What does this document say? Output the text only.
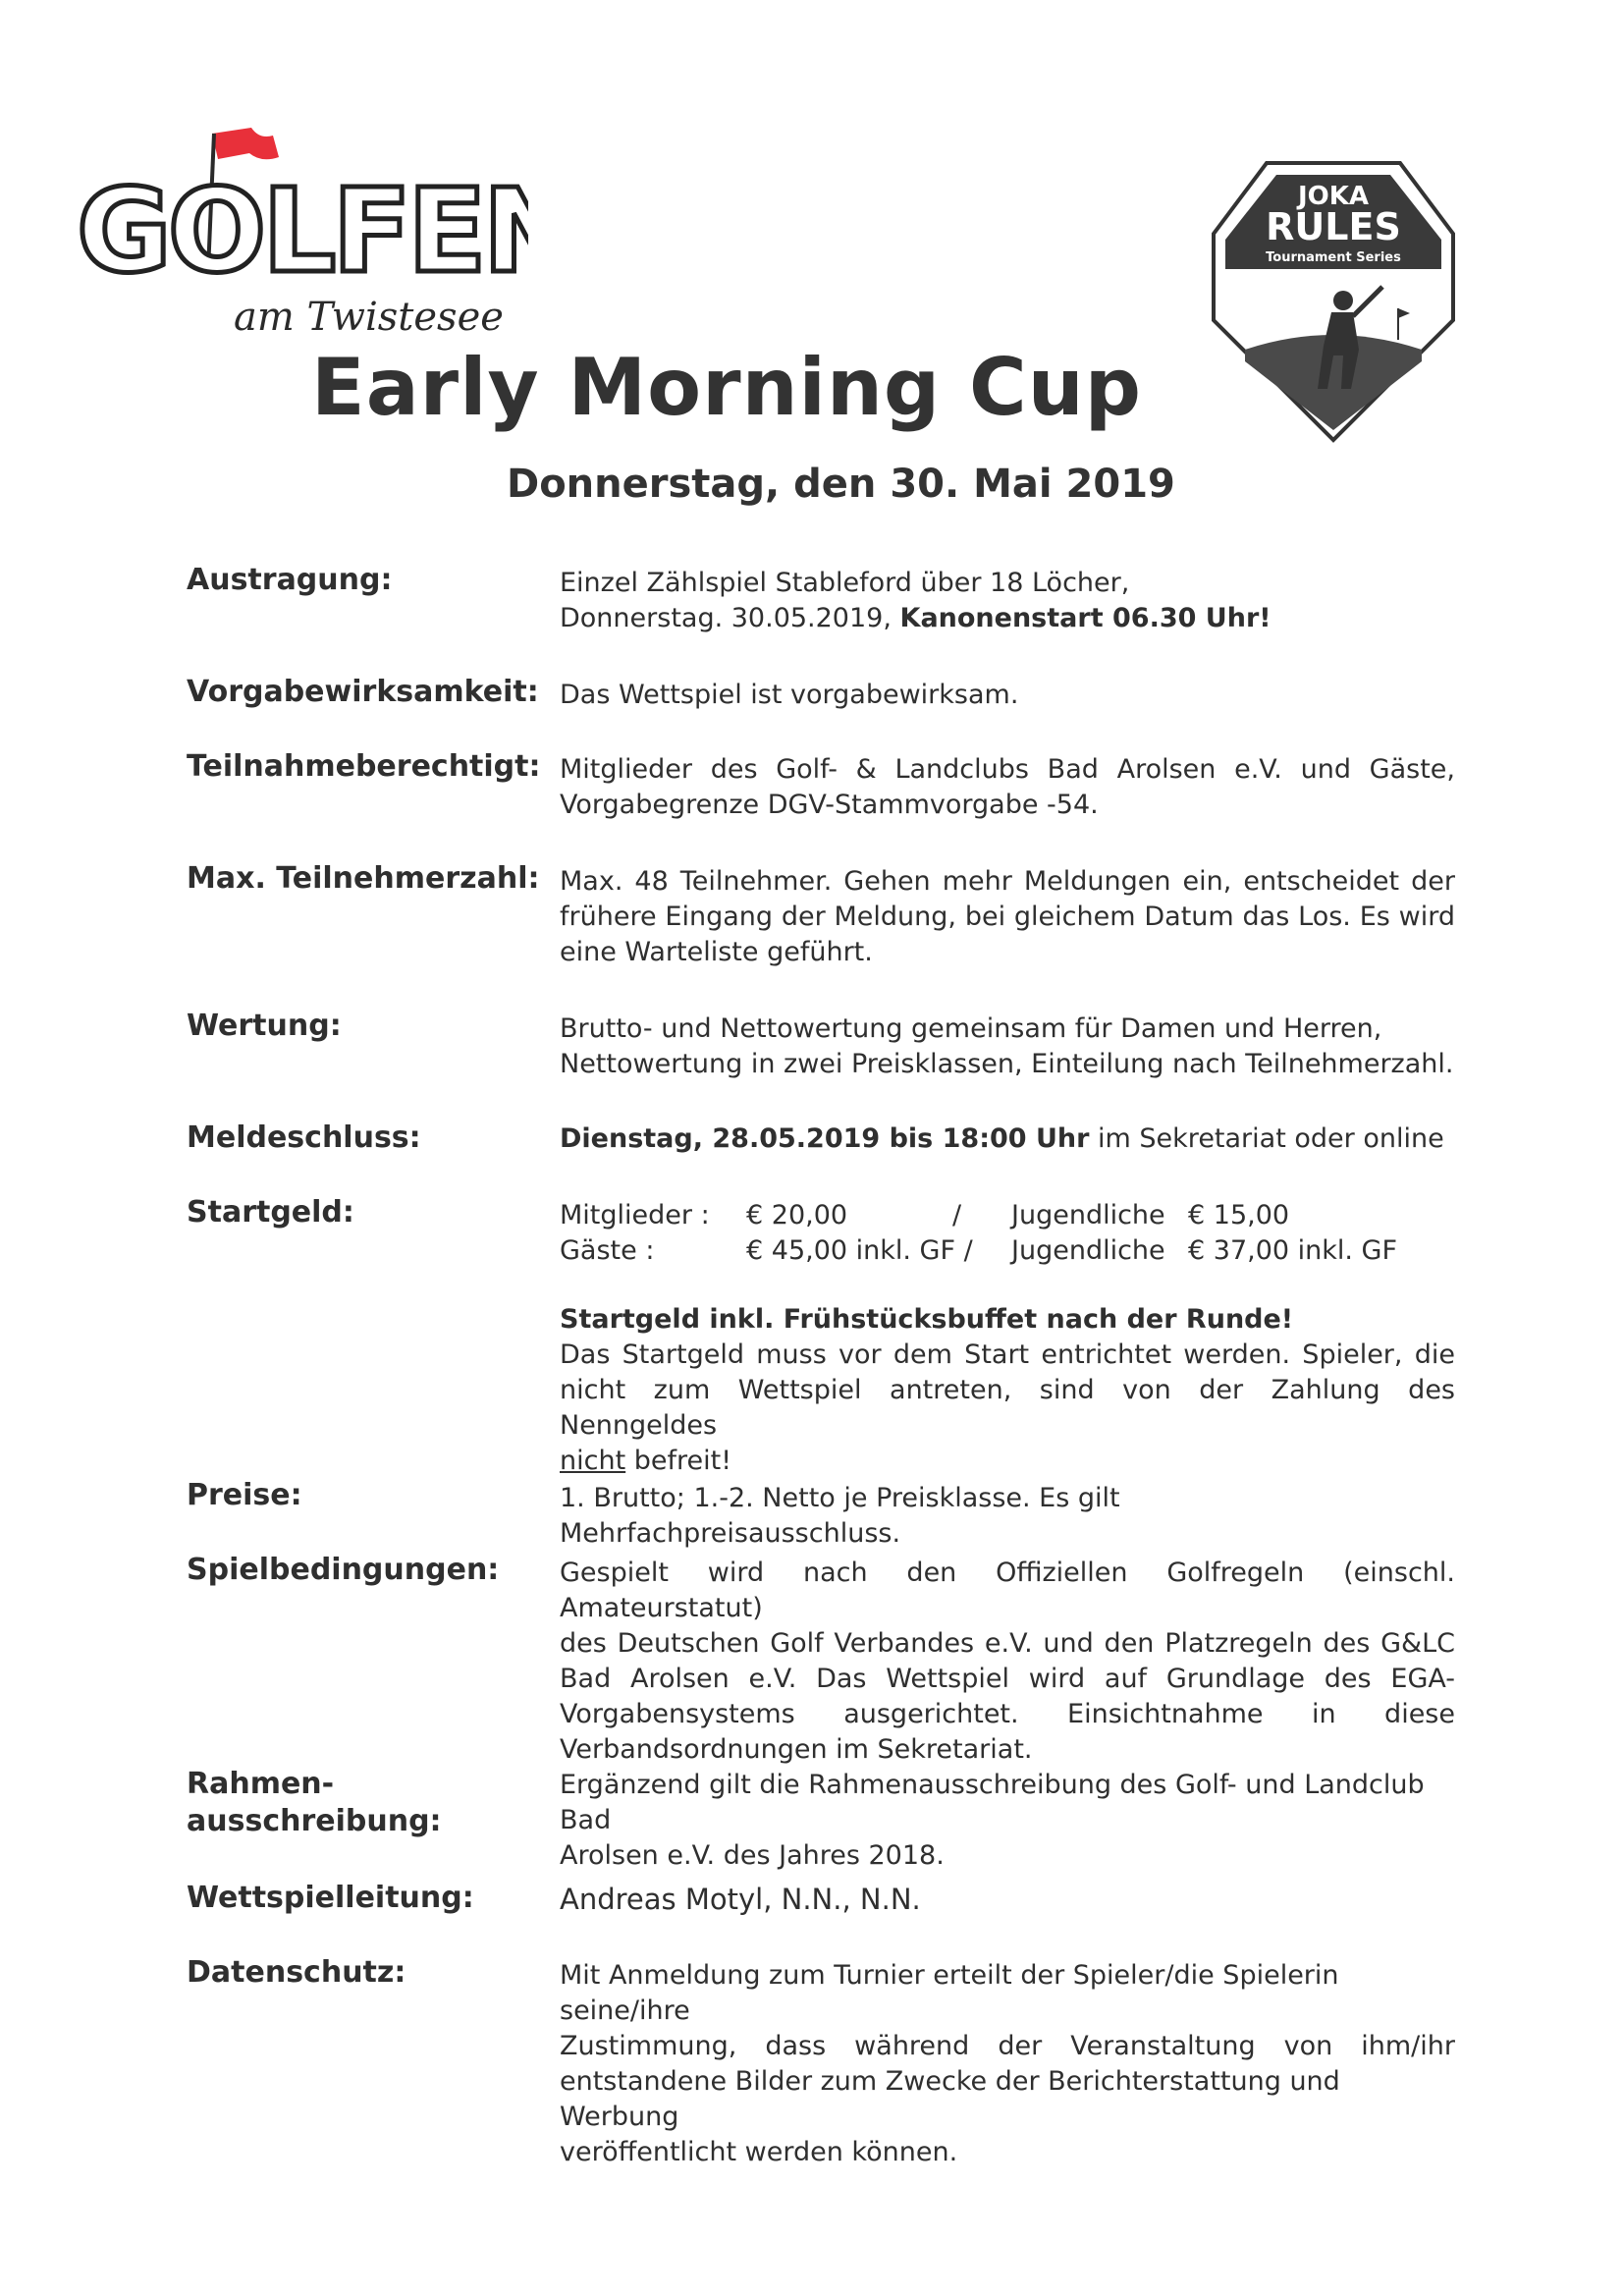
GOLFEN
am Twistesee
JOKA
RULES
Tournament Series
Early Morning Cup
Donnerstag, den 30. Mai 2019
Austragung:	Einzel Zählspiel Stableford über 18 Löcher,
Donnerstag. 30.05.2019, Kanonenstart 06.30 Uhr!
Vorgabewirksamkeit: Das Wettspiel ist vorgabewirksam.
Teilnahmeberechtigt: Mitglieder des Golf- & Landclubs Bad Arolsen e.V. und Gäste,
Vorgabegrenze DGV-Stammvorgabe -54.
Max. Teilnehmerzahl: Max. 48 Teilnehmer. Gehen mehr Meldungen ein, entscheidet der
frühere Eingang der Meldung, bei gleichem Datum das Los. Es wird
eine Warteliste geführt.
Wertung:	Brutto- und Nettowertung gemeinsam für Damen und Herren,
Nettowertung in zwei Preisklassen, Einteilung nach Teilnehmerzahl.
Meldeschluss:	Dienstag, 28.05.2019 bis 18:00 Uhr im Sekretariat oder online
Startgeld:	Mitglieder :	€ 20,00	/	Jugendliche	€ 15,00
Gäste :	€ 45,00 inkl. GF /		Jugendliche	€ 37,00 inkl. GF
Startgeld inkl. Frühstücksbuffet nach der Runde!
Das Startgeld muss vor dem Start entrichtet werden. Spieler, die
nicht zum Wettspiel antreten, sind von der Zahlung des Nenngeldes
nicht befreit!
Preise:	1. Brutto; 1.-2. Netto je Preisklasse. Es gilt Mehrfachpreisausschluss.
Spielbedingungen: Gespielt wird nach den Offiziellen Golfregeln (einschl. Amateurstatut)
des Deutschen Golf Verbandes e.V. und den Platzregeln des G&LC
Bad Arolsen e.V. Das Wettspiel wird auf Grundlage des EGA-
Vorgabensystems ausgerichtet. Einsichtnahme in diese
Verbandsordnungen im Sekretariat.
Rahmen-
ausschreibung:
Ergänzend gilt die Rahmenausschreibung des Golf- und Landclub Bad
Arolsen e.V. des Jahres 2018.
Wettspielleitung:	Andreas Motyl, N.N., N.N.
Datenschutz:	Mit Anmeldung zum Turnier erteilt der Spieler/die Spielerin seine/ihre
Zustimmung, dass während der Veranstaltung von ihm/ihr
entstandene Bilder zum Zwecke der Berichterstattung und Werbung
veröffentlicht werden können.
